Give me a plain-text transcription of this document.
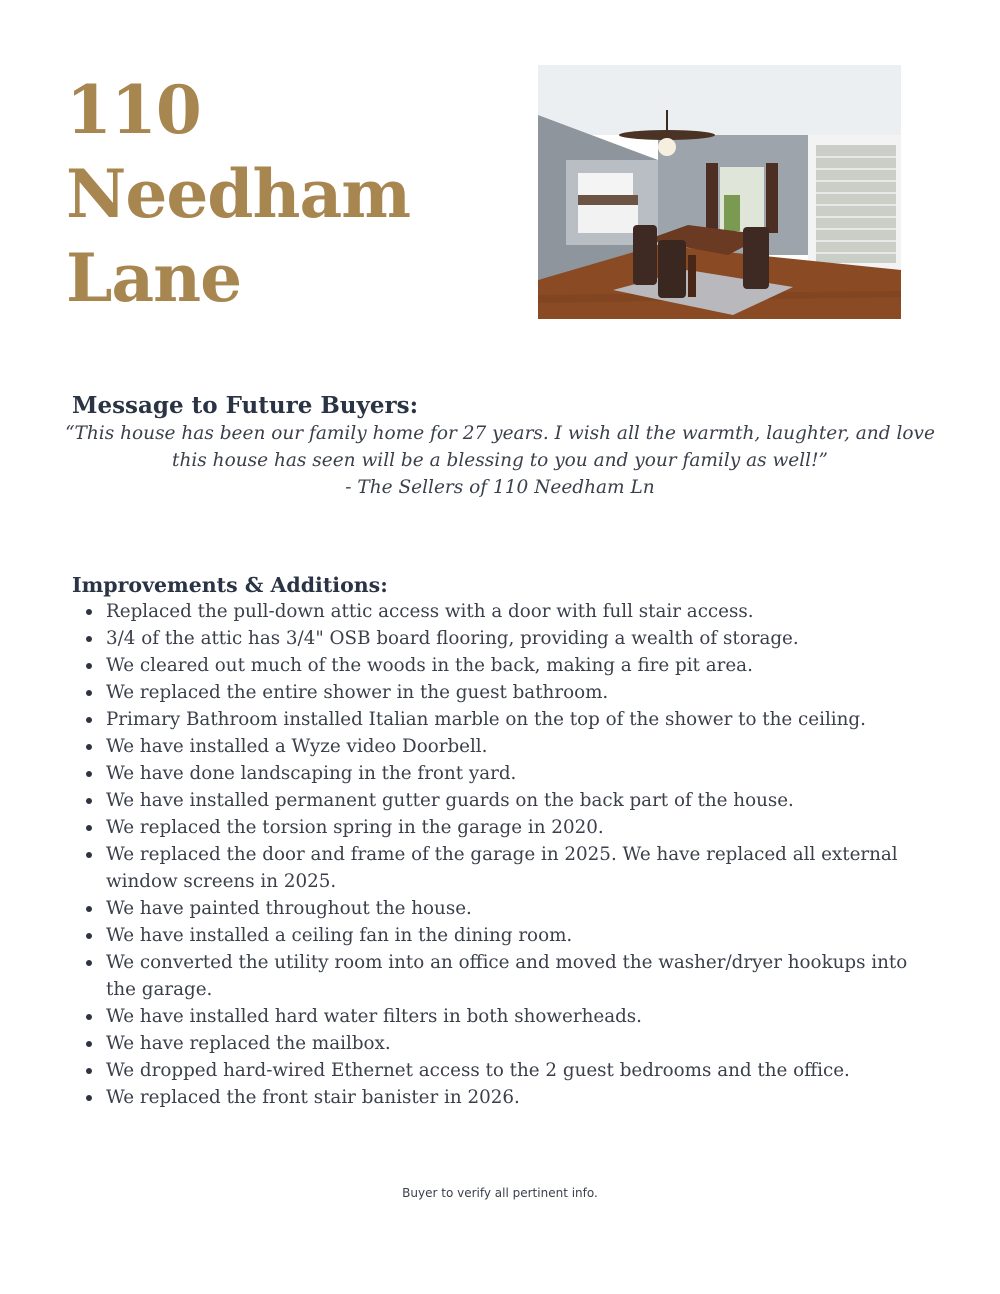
110
Needham
Lane
Message to Future Buyers:
“This house has been our family home for 27 years. I wish all the warmth, laughter, and love
this house has seen will be a blessing to you and your family as well!”
- The Sellers of 110 Needham Ln
Improvements & Additions:
Replaced the pull-down attic access with a door with full stair access.
3/4 of the attic has 3/4" OSB board flooring, providing a wealth of storage.
We cleared out much of the woods in the back, making a fire pit area.
We replaced the entire shower in the guest bathroom.
Primary Bathroom installed Italian marble on the top of the shower to the ceiling.
We have installed a Wyze video Doorbell.
We have done landscaping in the front yard.
We have installed permanent gutter guards on the back part of the house.
We replaced the torsion spring in the garage in 2020.
We replaced the door and frame of the garage in 2025. We have replaced all external window screens in 2025.
We have painted throughout the house.
We have installed a ceiling fan in the dining room.
We converted the utility room into an office and moved the washer/dryer hookups into the garage.
We have installed hard water filters in both showerheads.
We have replaced the mailbox.
We dropped hard-wired Ethernet access to the 2 guest bedrooms and the office.
We replaced the front stair banister in 2026.
Buyer to verify all pertinent info.
